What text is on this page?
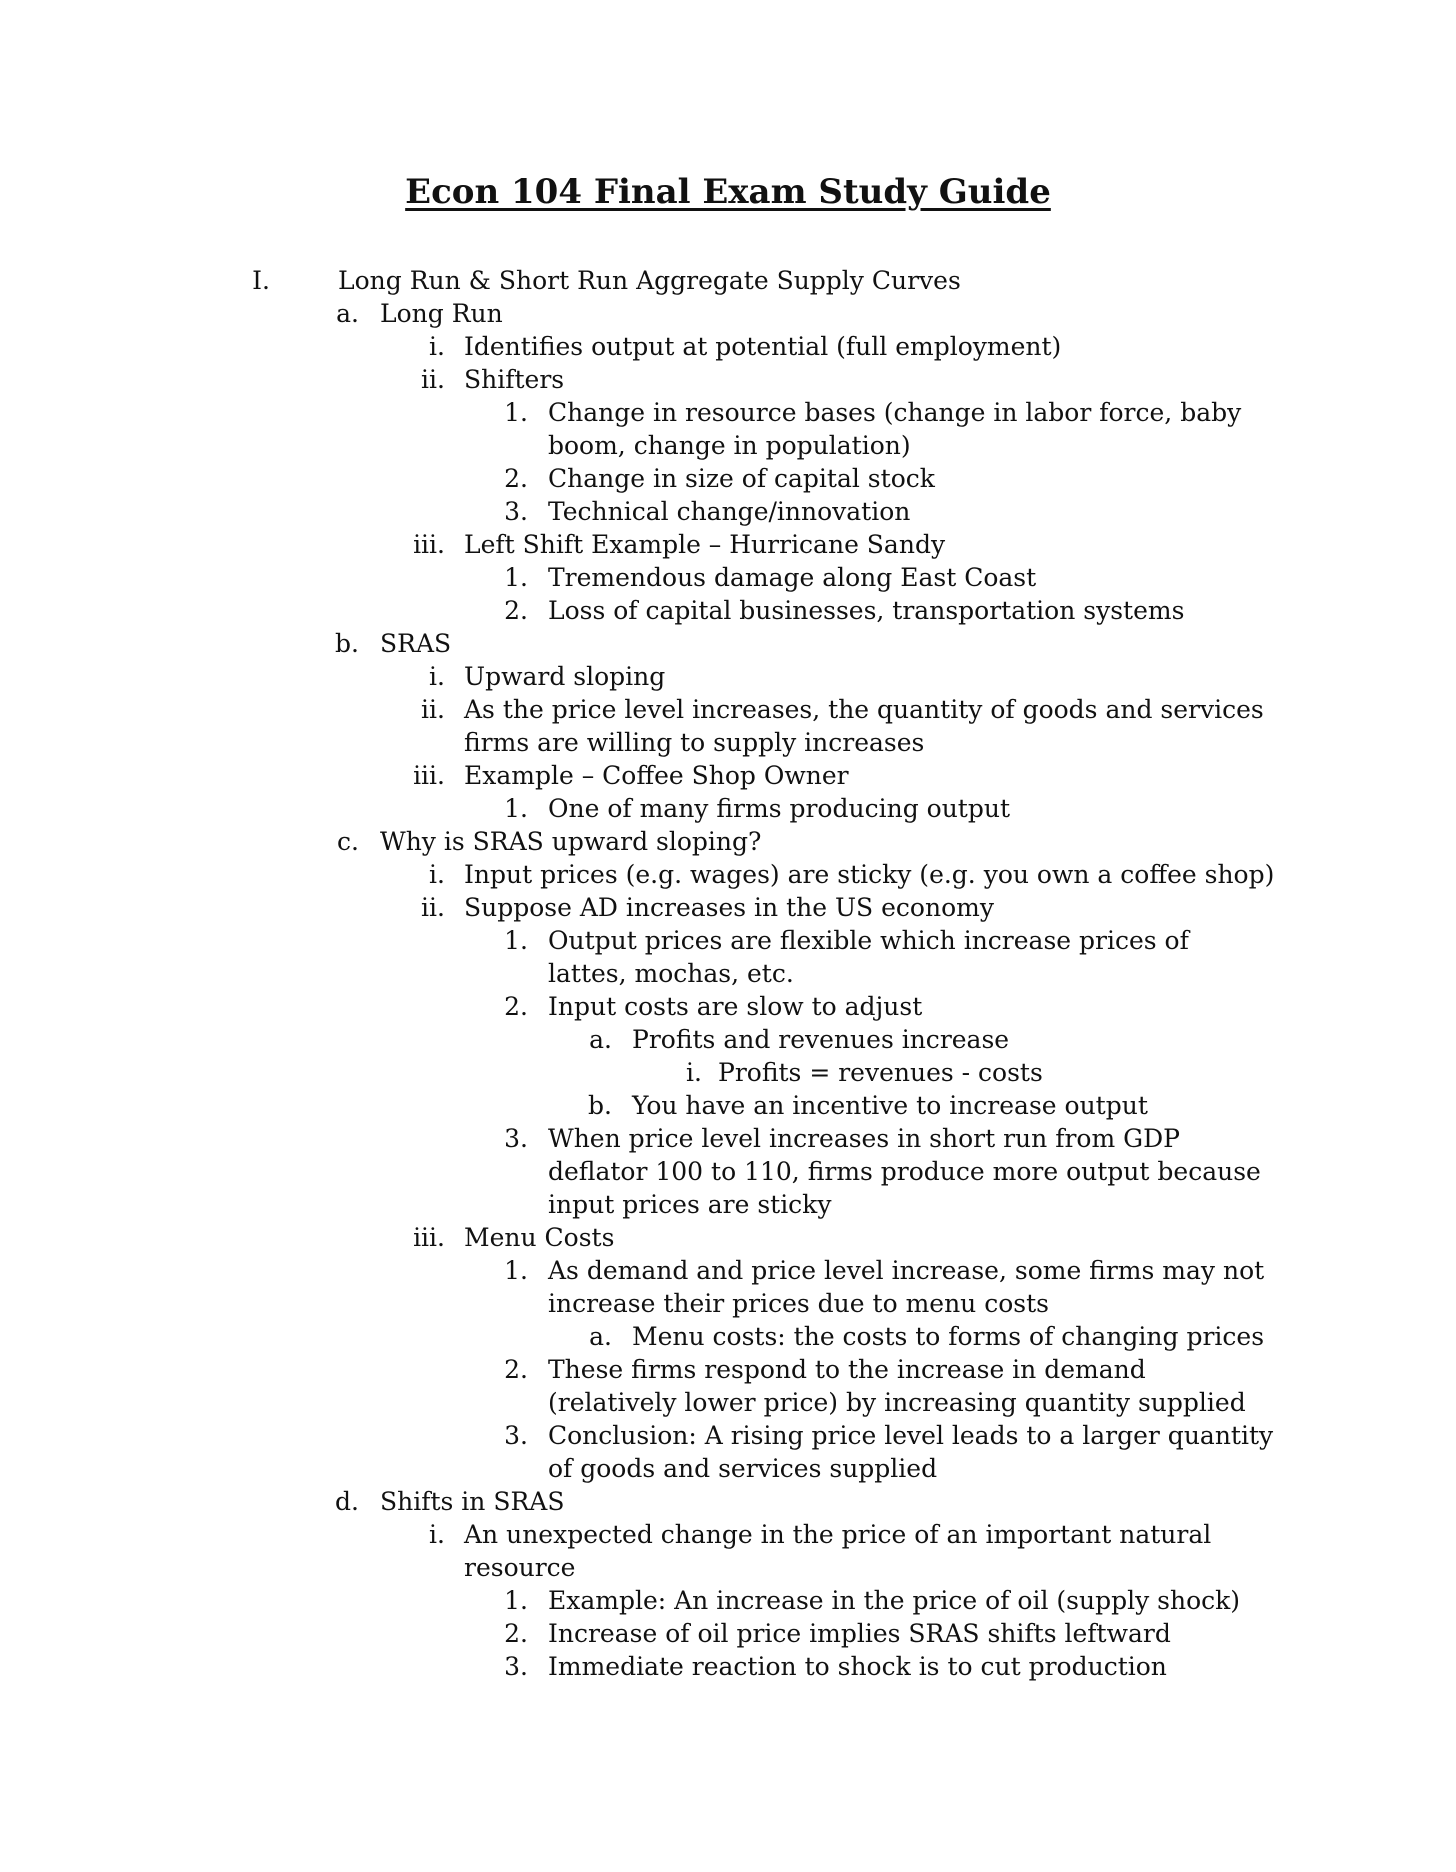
Econ 104 Final Exam Study Guide
I.	Long Run & Short Run Aggregate Supply Curves
a. Long Run
i. Identifies output at potential (full employment)
ii. Shifters
1. Change in resource bases (change in labor force, baby
boom, change in population)
2. Change in size of capital stock
3. Technical change/innovation
iii. Left Shift Example – Hurricane Sandy
1. Tremendous damage along East Coast
2. Loss of capital businesses, transportation systems
b. SRAS
i. Upward sloping
ii. As the price level increases, the quantity of goods and services
firms are willing to supply increases
iii. Example – Coffee Shop Owner
1. One of many firms producing output
c. Why is SRAS upward sloping?
i. Input prices (e.g. wages) are sticky (e.g. you own a coffee shop)
ii. Suppose AD increases in the US economy
1. Output prices are flexible which increase prices of
lattes, mochas, etc.
2. Input costs are slow to adjust
a. Profits and revenues increase
i. Profits = revenues - costs
b. You have an incentive to increase output
3. When price level increases in short run from GDP
deflator 100 to 110, firms produce more output because
input prices are sticky
iii. Menu Costs
1. As demand and price level increase, some firms may not
increase their prices due to menu costs
a. Menu costs: the costs to forms of changing prices
2. These firms respond to the increase in demand
(relatively lower price) by increasing quantity supplied
3. Conclusion: A rising price level leads to a larger quantity
of goods and services supplied
d. Shifts in SRAS
i. An unexpected change in the price of an important natural
resource
1. Example: An increase in the price of oil (supply shock)
2. Increase of oil price implies SRAS shifts leftward
3. Immediate reaction to shock is to cut production
